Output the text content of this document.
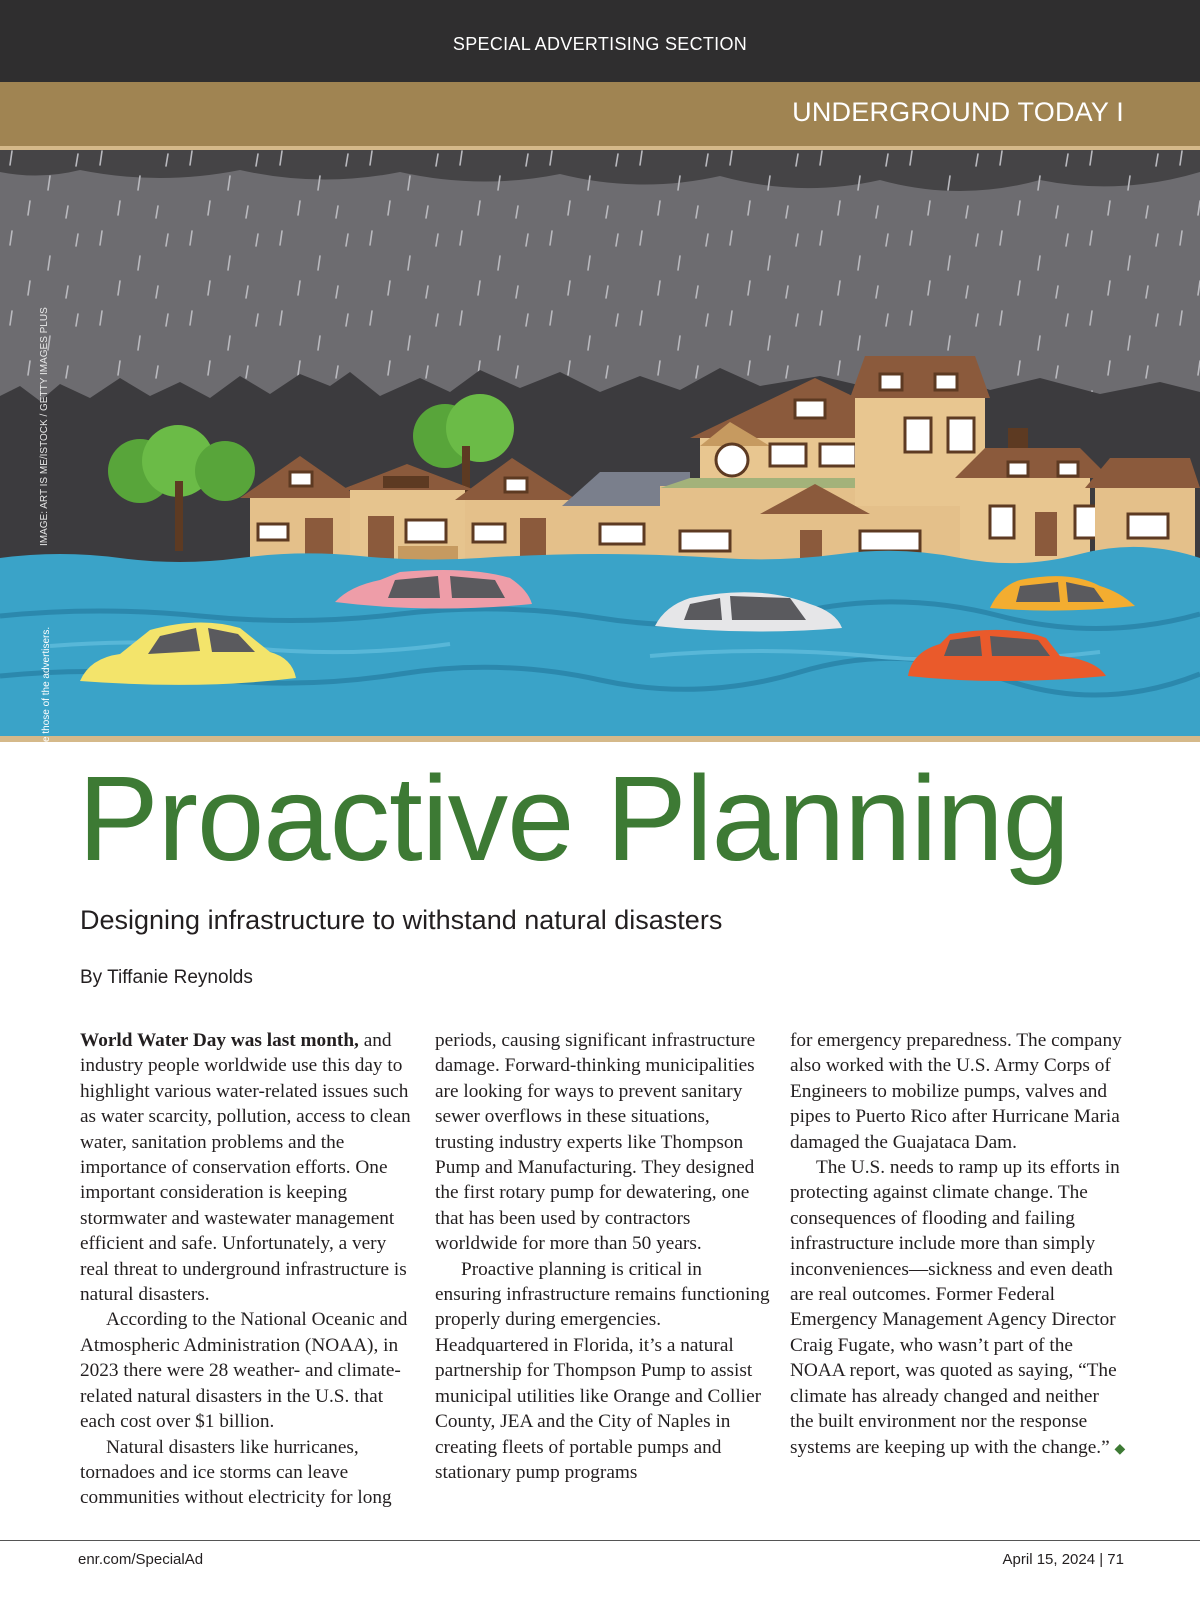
SPECIAL ADVERTISING SECTION
UNDERGROUND TODAY I
IMAGE: ART IS ME/ISTOCK / GETTY IMAGES PLUS
Opinions expressed are those of the advertisers. Proactive Planning
Designing infrastructure to withstand natural disasters
By Tiffanie Reynolds

World Water Day was last month, and industry people worldwide use this day to highlight various water-related issues such as water scarcity, pollution, access to clean water, sanitation problems and the importance of conservation efforts. One important consideration is keeping stormwater and wastewater management efficient and safe. Unfortunately, a very real threat to underground infrastructure is natural disasters.

According to the National Oceanic and Atmospheric Administration (NOAA), in 2023 there were 28 weather- and climate-related natural disasters in the U.S. that each cost over $1 billion.

Natural disasters like hurricanes, tornadoes and ice storms can leave communities without electricity for long

periods, causing significant infrastructure damage. Forward-thinking municipalities are looking for ways to prevent sanitary sewer overflows in these situations, trusting industry experts like Thompson Pump and Manufacturing. They designed the first rotary pump for dewatering, one that has been used by contractors worldwide for more than 50 years.

Proactive planning is critical in ensuring infrastructure remains functioning properly during emergencies. Headquartered in Florida, it’s a natural partnership for Thompson Pump to assist municipal utilities like Orange and Collier County, JEA and the City of Naples in creating fleets of portable pumps and stationary pump programs

for emergency preparedness. The company also worked with the U.S. Army Corps of Engineers to mobilize pumps, valves and pipes to Puerto Rico after Hurricane Maria damaged the Guajataca Dam.

The U.S. needs to ramp up its efforts in protecting against climate change. The consequences of flooding and failing infrastructure include more than simply inconveniences—sickness and even death are real outcomes. Former Federal Emergency Management Agency Director Craig Fugate, who wasn’t part of the NOAA report, was quoted as saying, “The climate has already changed and neither the built environment nor the response systems are keeping up with the change.” ◆

enr.com/SpecialAd	April 15, 2024 | 71
